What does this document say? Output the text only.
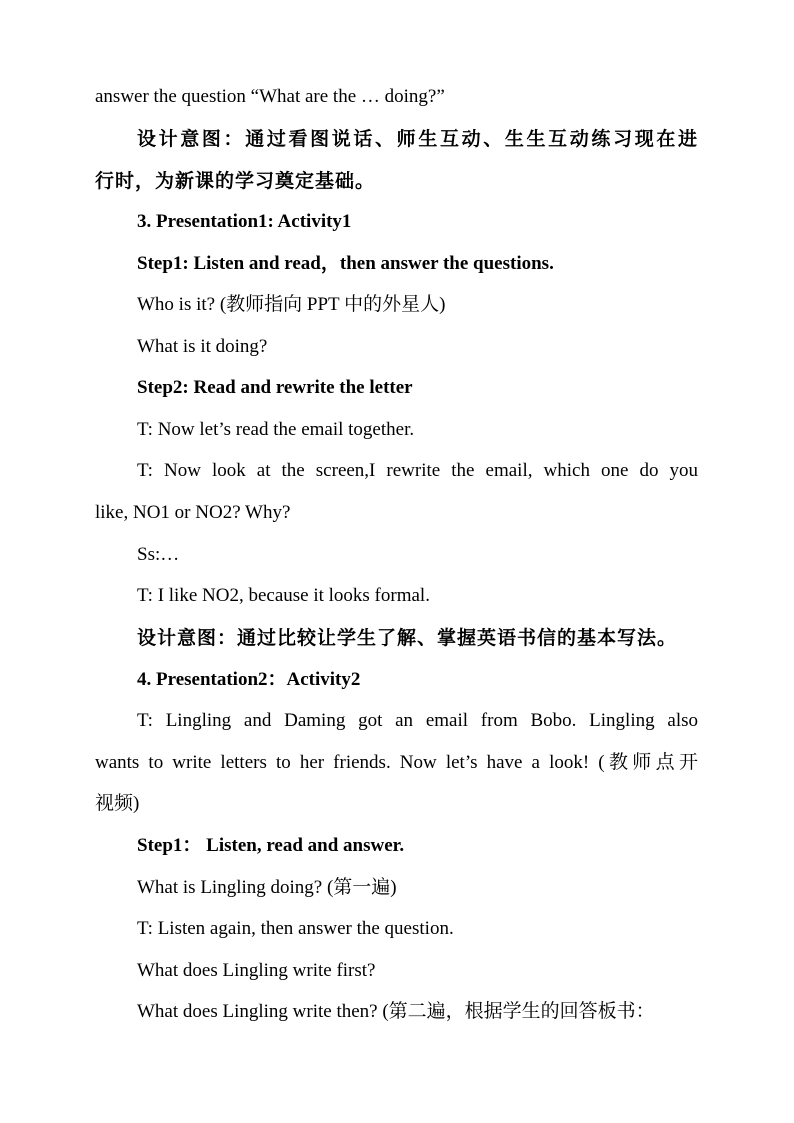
answer the question “What are the … doing?”
设计意图：通过看图说话、师生互动、生生互动练习现在进
行时，为新课的学习奠定基础。
3. Presentation1: Activity1
Step1: Listen and read，then answer the questions.
Who is it? (教师指向 PPT 中的外星人)
What is it doing?
Step2: Read and rewrite the letter
T: Now let’s read the email together.
T: Now look at the screen,I rewrite the email, which one do you
like, NO1 or NO2? Why?
Ss:…
T: I like NO2, because it looks formal.
设计意图：通过比较让学生了解、掌握英语书信的基本写法。
4. Presentation2：Activity2
T: Lingling and Daming got an email from Bobo. Lingling also
wants to write letters to her friends. Now let’s have a look! (教师点开
视频)
Step1： Listen, read and answer.
What is Lingling doing? (第一遍)
T: Listen again, then answer the question.
What does Lingling write first?
What does Lingling write then? (第二遍，根据学生的回答板书：
